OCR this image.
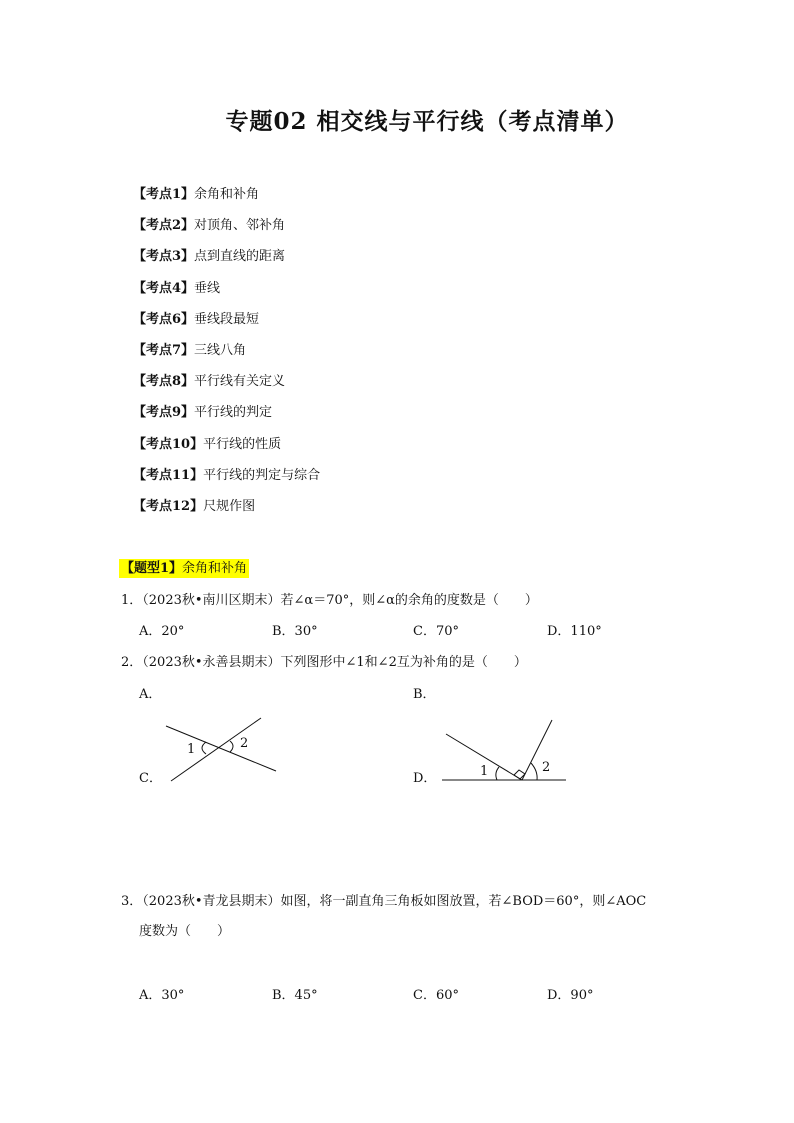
专题02 相交线与平行线（考点清单）
【考点1】余角和补角
【考点2】对顶角、邻补角
【考点3】点到直线的距离
【考点4】垂线
【考点6】垂线段最短
【考点7】三线八角
【考点8】平行线有关定义
【考点9】平行线的判定
【考点10】平行线的性质
【考点11】平行线的判定与综合
【考点12】尺规作图
【题型1】余角和补角
1．（2023秋•南川区期末）若∠α＝70°，则∠α的余角的度数是（　　）
A．20°	B．30°	C．70°	D．110°
2．（2023秋•永善县期末）下列图形中∠1和∠2互为补角的是（　　）
A．	B．
C．	D．
1	2
1	2
3．（2023秋•青龙县期末）如图，将一副直角三角板如图放置，若∠BOD＝60°，则∠AOC
度数为（　　）
A．30°	B．45°	C．60°	D．90°
